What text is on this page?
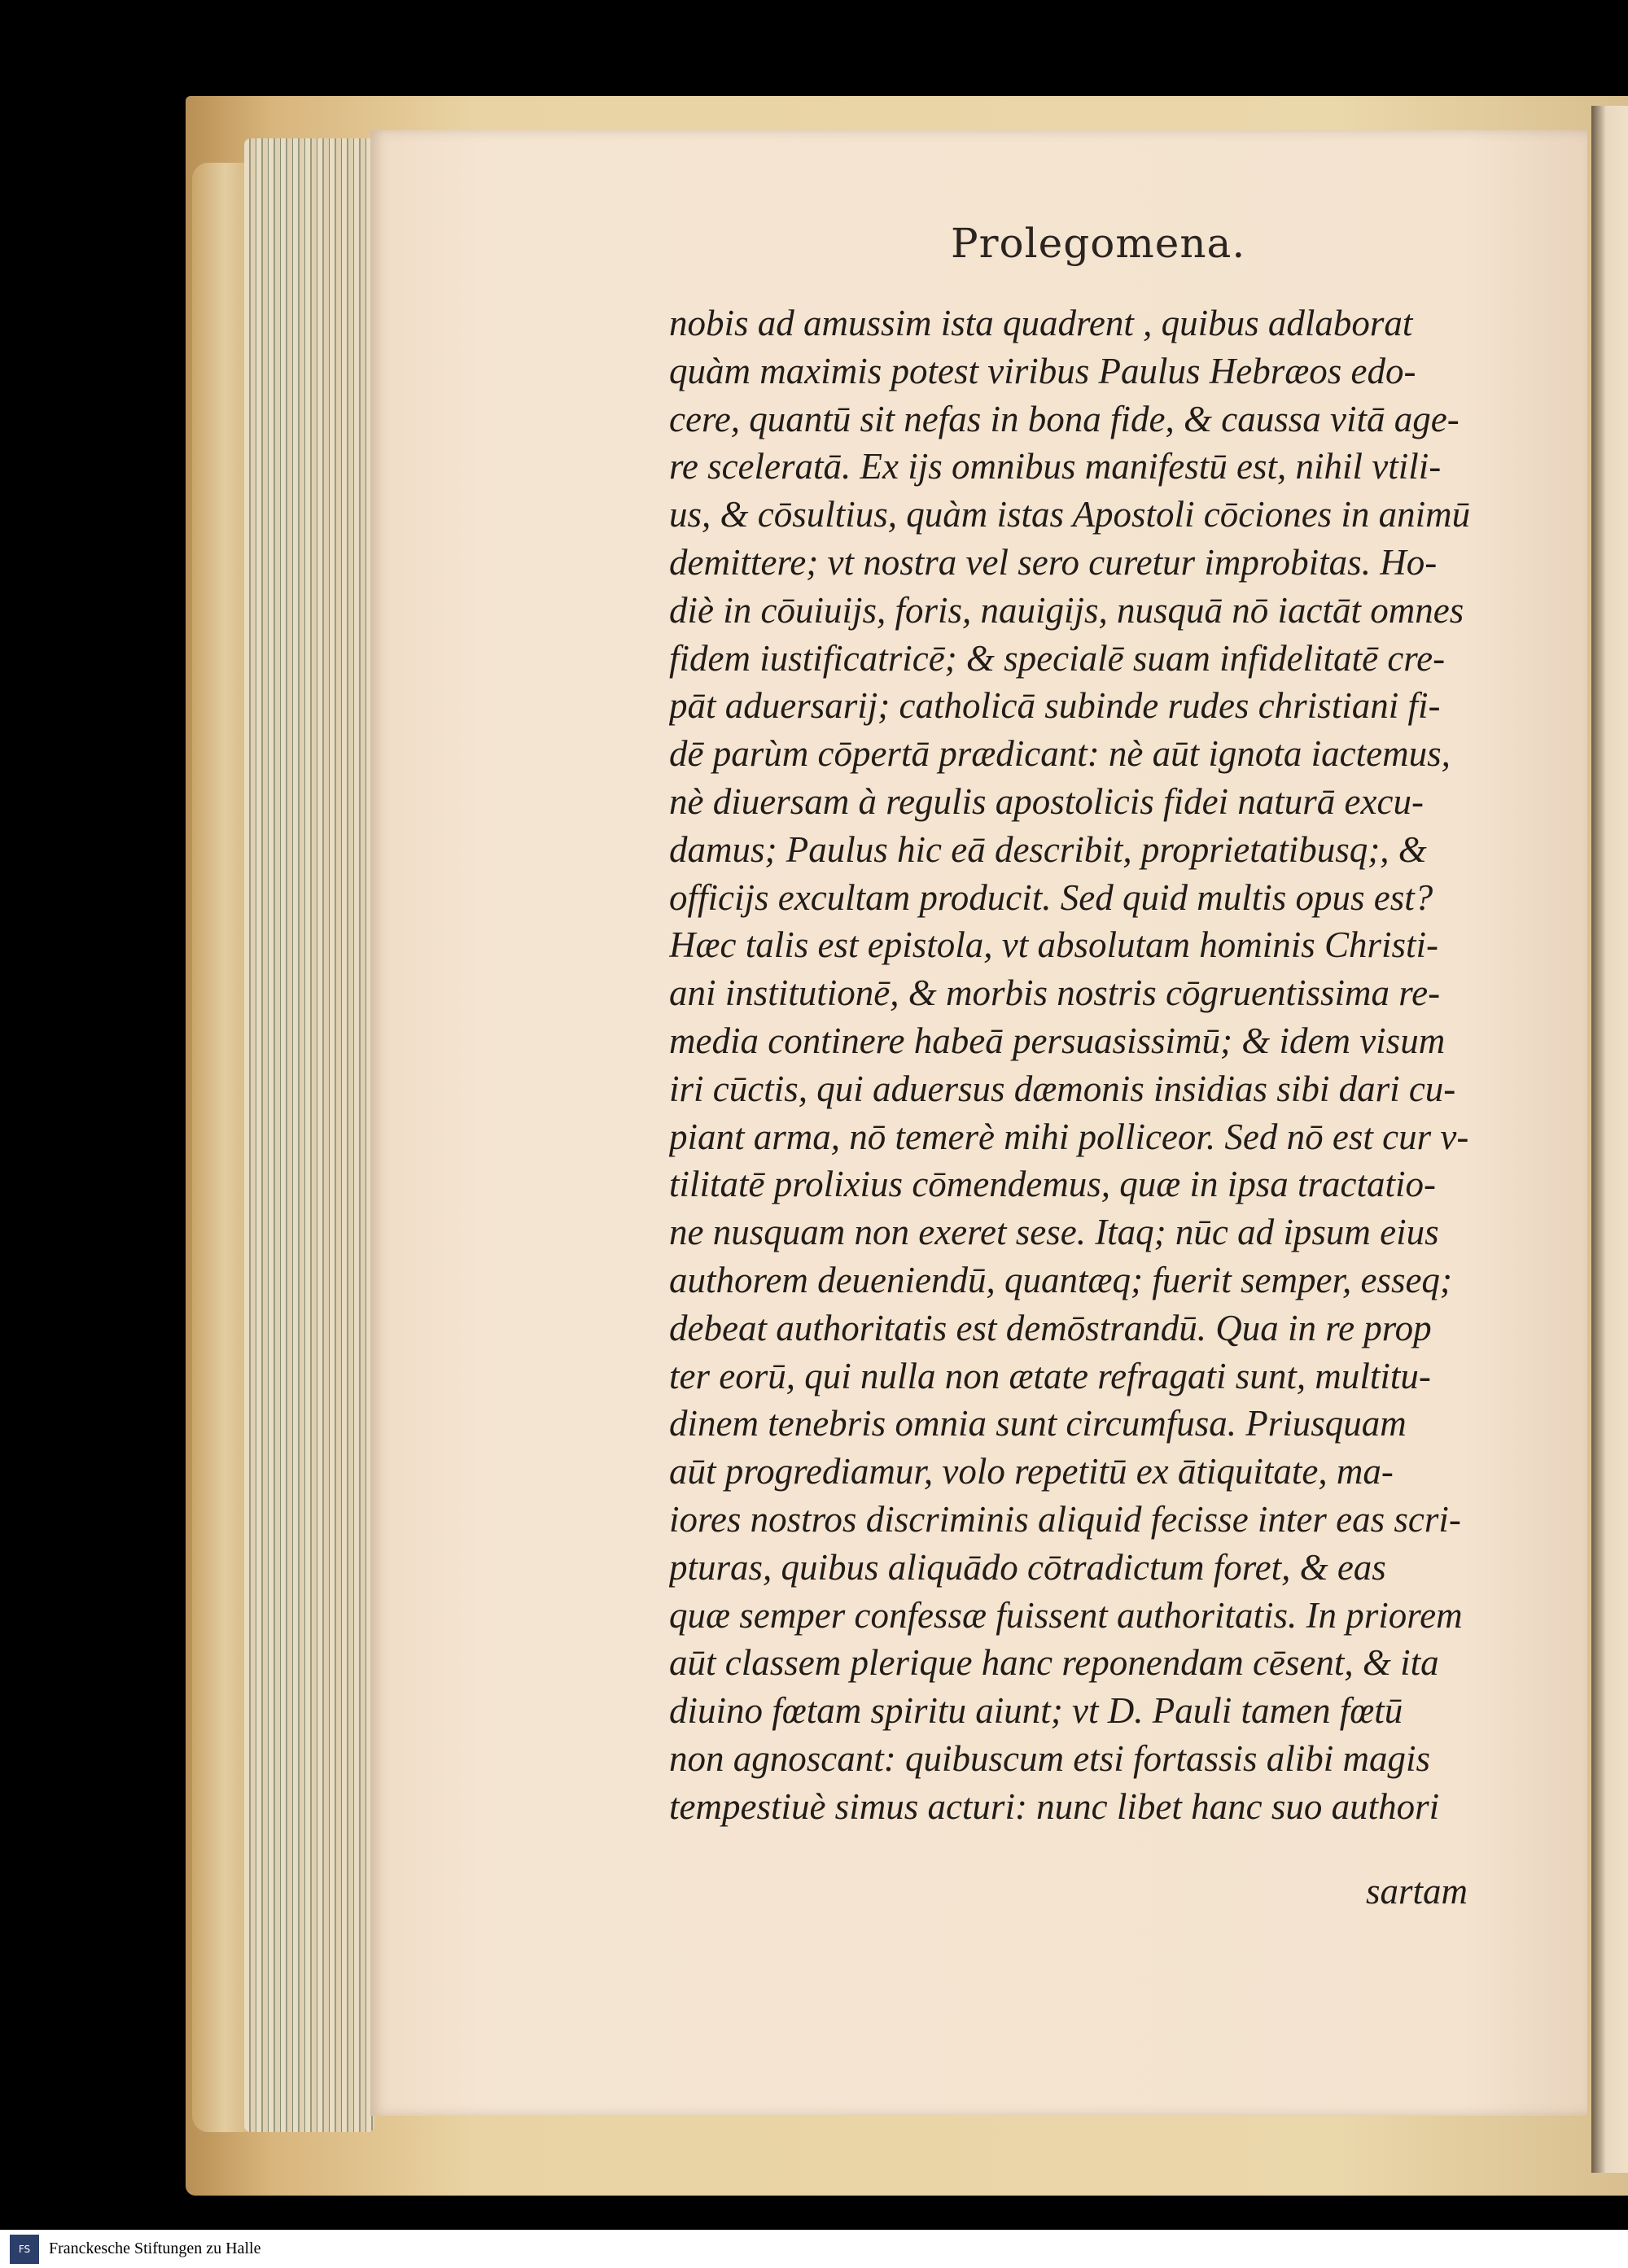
Prolegomena.
nobis ad amussim ista quadrent , quibus adlaborat
quàm maximis potest viribus Paulus Hebræos edo-
cere, quantū sit nefas in bona fide, & caussa vitā age-
re sceleratā. Ex ijs omnibus manifestū est, nihil vtili-
us, & cōsultius, quàm istas Apostoli cōciones in animū
demittere; vt nostra vel sero curetur improbitas. Ho-
diè in cōuiuijs, foris, nauigijs, nusquā nō iactāt omnes
fidem iustificatricē; & specialē suam infidelitatē cre-
pāt aduersarij; catholicā subinde rudes christiani fi-
dē parùm cōpertā prædicant: nè aūt ignota iactemus,
nè diuersam à regulis apostolicis fidei naturā excu-
damus; Paulus hic eā describit, proprietatibusq;, &
officijs excultam producit. Sed quid multis opus est?
Hæc talis est epistola, vt absolutam hominis Christi-
ani institutionē, & morbis nostris cōgruentissima re-
media continere habeā persuasissimū; & idem visum
iri cūctis, qui aduersus dæmonis insidias sibi dari cu-
piant arma, nō temerè mihi polliceor. Sed nō est cur v-
tilitatē prolixius cōmendemus, quæ in ipsa tractatio-
ne nusquam non exeret sese. Itaq; nūc ad ipsum eius
authorem deueniendū, quantæq; fuerit semper, esseq;
debeat authoritatis est demōstrandū. Qua in re prop
ter eorū, qui nulla non ætate refragati sunt, multitu-
dinem tenebris omnia sunt circumfusa. Priusquam
aūt progrediamur, volo repetitū ex ātiquitate, ma-
iores nostros discriminis aliquid fecisse inter eas scri-
pturas, quibus aliquādo cōtradictum foret, & eas
quæ semper confessæ fuissent authoritatis. In priorem
aūt classem plerique hanc reponendam cēsent, & ita
diuino fœtam spiritu aiunt; vt D. Pauli tamen fœtū
non agnoscant: quibuscum etsi fortassis alibi magis
tempestiuè simus acturi: nunc libet hanc suo authori
sartam
FS	Franckesche Stiftungen zu Halle
